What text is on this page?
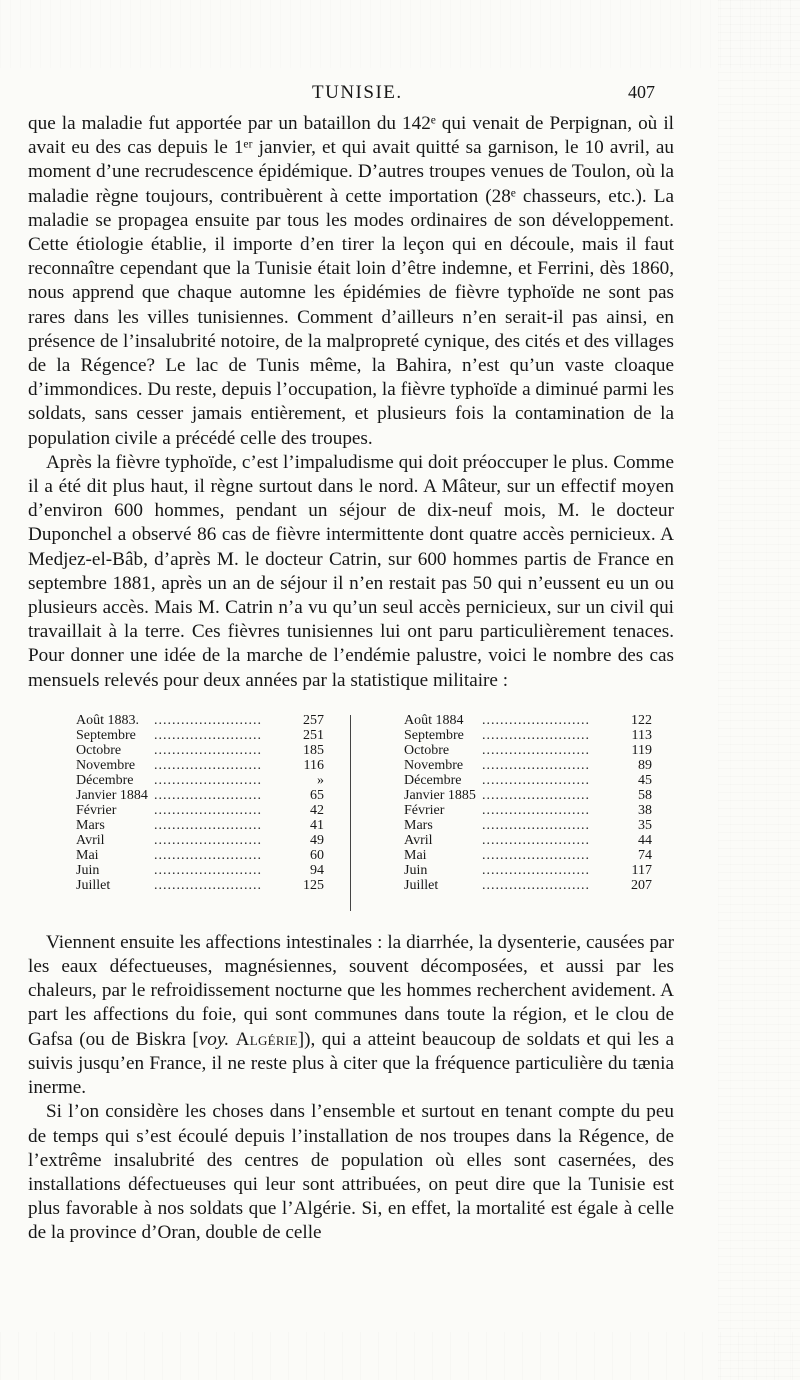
TUNISIE.	407

que la maladie fut apportée par un bataillon du 142ᵉ qui venait de Perpignan, où il avait eu des cas depuis le 1ᵉʳ janvier, et qui avait quitté sa garnison, le 10 avril, au moment d’une recrudescence épidémique. D’autres troupes venues de Toulon, où la maladie règne toujours, contribuèrent à cette importation (28ᵉ chasseurs, etc.). La maladie se propagea ensuite par tous les modes ordinaires de son développement. Cette étiologie établie, il importe d’en tirer la leçon qui en découle, mais il faut reconnaître cependant que la Tunisie était loin d’être indemne, et Ferrini, dès 1860, nous apprend que chaque automne les épidémies de fièvre typhoïde ne sont pas rares dans les villes tunisiennes. Comment d’ailleurs n’en serait-il pas ainsi, en présence de l’insalubrité notoire, de la malpropreté cynique, des cités et des villages de la Régence? Le lac de Tunis même, la Bahira, n’est qu’un vaste cloaque d’immondices. Du reste, depuis l’occupation, la fièvre typhoïde a diminué parmi les soldats, sans cesser jamais entièrement, et plusieurs fois la contamination de la population civile a précédé celle des troupes.

Après la fièvre typhoïde, c’est l’impaludisme qui doit préoccuper le plus. Comme il a été dit plus haut, il règne surtout dans le nord. A Mâteur, sur un effectif moyen d’environ 600 hommes, pendant un séjour de dix-neuf mois, M. le docteur Duponchel a observé 86 cas de fièvre intermittente dont quatre accès pernicieux. A Medjez-el-Bâb, d’après M. le docteur Catrin, sur 600 hommes partis de France en septembre 1881, après un an de séjour il n’en restait pas 50 qui n’eussent eu un ou plusieurs accès. Mais M. Catrin n’a vu qu’un seul accès pernicieux, sur un civil qui travaillait à la terre. Ces fièvres tunisiennes lui ont paru particulièrement tenaces. Pour donner une idée de la marche de l’endémie palustre, voici le nombre des cas mensuels relevés pour deux années par la statistique militaire :

Août 1883. ........................	257
Septembre ........................	251
Octobre ........................	185
Novembre ........................	116
Décembre ........................	»
Janvier 1884 ........................	65
Février	........................	42
Mars	........................	41
Avril	........................	49
Mai	........................	60
Juin	........................	94
Juillet	........................	125
Août 1884 ........................	122
Septembre ........................	113
Octobre ........................	119
Novembre ........................	89
Décembre ........................	45
Janvier 1885 ........................	58
Février	........................	38
Mars	........................	35
Avril	........................	44
Mai	........................	74
Juin	........................	117
Juillet	........................	207

Viennent ensuite les affections intestinales : la diarrhée, la dysenterie, causées par les eaux défectueuses, magnésiennes, souvent décomposées, et aussi par les chaleurs, par le refroidissement nocturne que les hommes recherchent avidement. A part les affections du foie, qui sont communes dans toute la région, et le clou de Gafsa (ou de Biskra [voy. Algérie]), qui a atteint beaucoup de soldats et qui les a suivis jusqu’en France, il ne reste plus à citer que la fréquence particulière du tænia inerme.

Si l’on considère les choses dans l’ensemble et surtout en tenant compte du peu de temps qui s’est écoulé depuis l’installation de nos troupes dans la Régence, de l’extrême insalubrité des centres de population où elles sont casernées, des installations défectueuses qui leur sont attribuées, on peut dire que la Tunisie est plus favorable à nos soldats que l’Algérie. Si, en effet, la mortalité est égale à celle de la province d’Oran, double de celle
